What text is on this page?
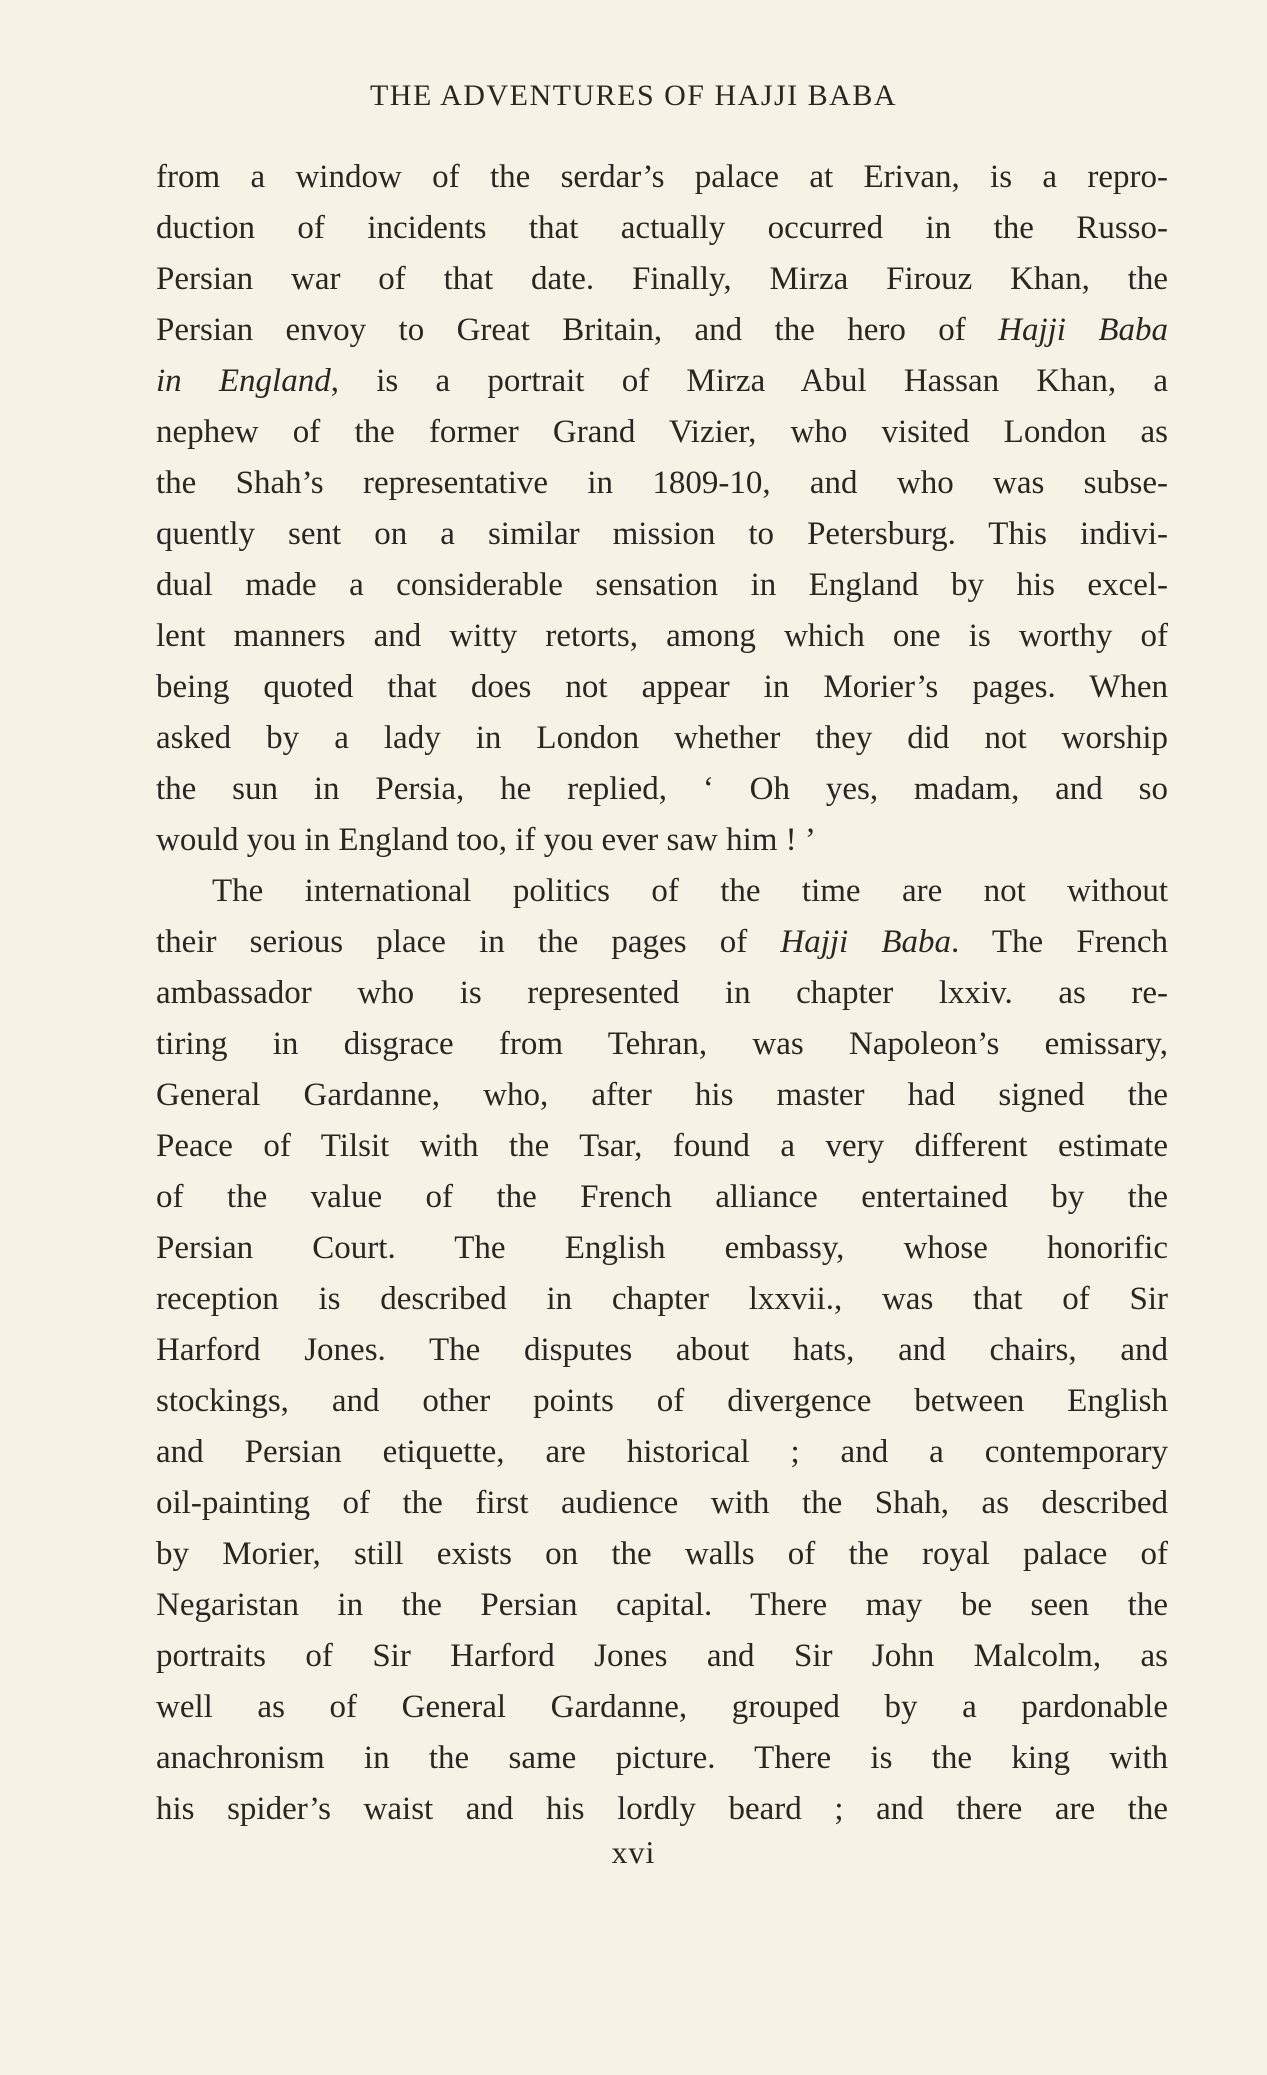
THE ADVENTURES OF HAJJI BABA
from a window of the serdar’s palace at Erivan, is a repro-
duction of incidents that actually occurred in the Russo-
Persian war of that date. Finally, Mirza Firouz Khan, the
Persian envoy to Great Britain, and the hero of Hajji Baba
in England, is a portrait of Mirza Abul Hassan Khan, a
nephew of the former Grand Vizier, who visited London as
the Shah’s representative in 1809-10, and who was subse-
quently sent on a similar mission to Petersburg. This indivi-
dual made a considerable sensation in England by his excel-
lent manners and witty retorts, among which one is worthy of
being quoted that does not appear in Morier’s pages. When
asked by a lady in London whether they did not worship
the sun in Persia, he replied, ‘ Oh yes, madam, and so
would you in England too, if you ever saw him ! ’
The international politics of the time are not without
their serious place in the pages of Hajji Baba. The French
ambassador who is represented in chapter lxxiv. as re-
tiring in disgrace from Tehran, was Napoleon’s emissary,
General Gardanne, who, after his master had signed the
Peace of Tilsit with the Tsar, found a very different estimate
of the value of the French alliance entertained by the
Persian Court. The English embassy, whose honorific
reception is described in chapter lxxvii., was that of Sir
Harford Jones. The disputes about hats, and chairs, and
stockings, and other points of divergence between English
and Persian etiquette, are historical ; and a contemporary
oil-painting of the first audience with the Shah, as described
by Morier, still exists on the walls of the royal palace of
Negaristan in the Persian capital. There may be seen the
portraits of Sir Harford Jones and Sir John Malcolm, as
well as of General Gardanne, grouped by a pardonable
anachronism in the same picture. There is the king with
his spider’s waist and his lordly beard ; and there are the
xvi
